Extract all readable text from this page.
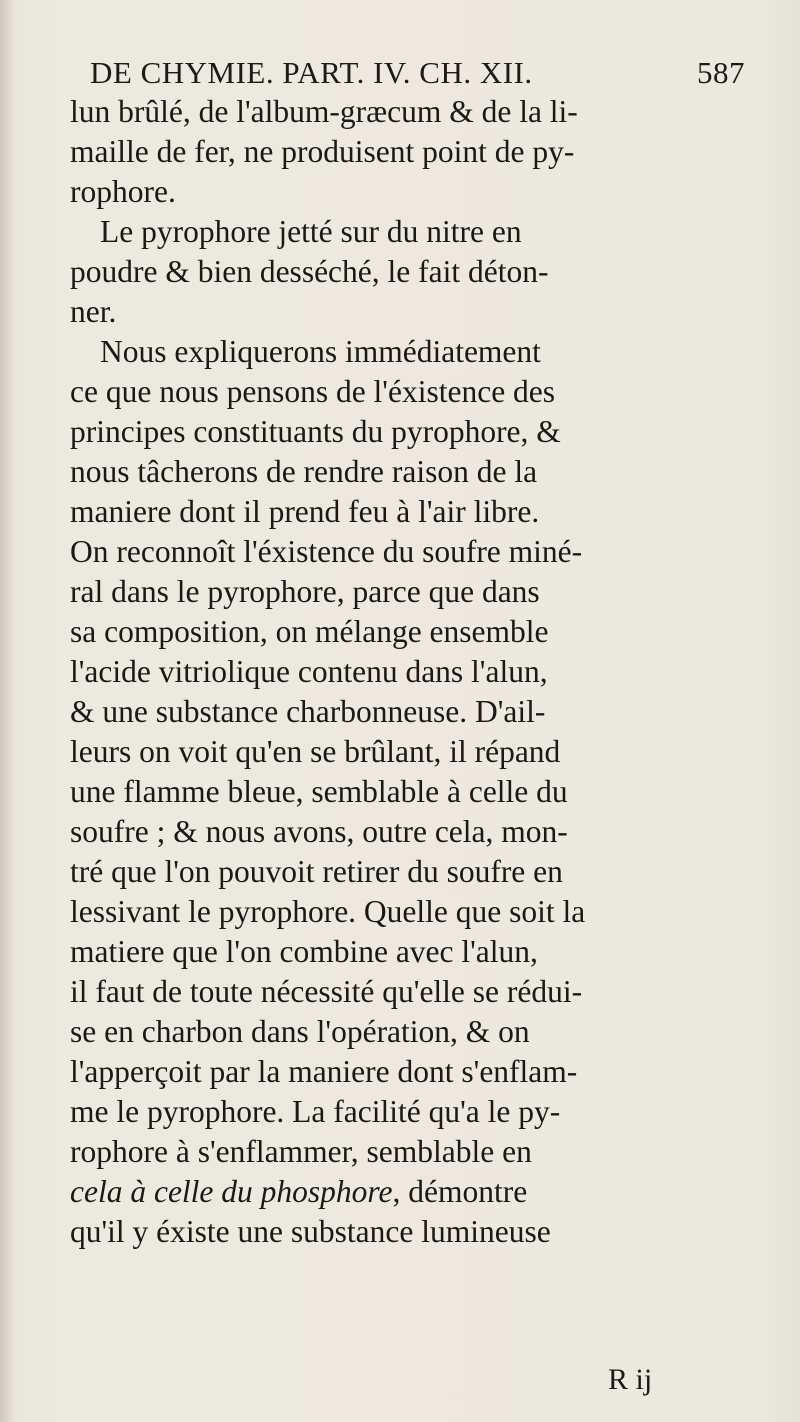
DE CHYMIE. PART. IV. CH. XII.	587
lun brûlé, de l'album-græcum & de la li-
maille de fer, ne produisent point de py-
rophore.
Le pyrophore jetté sur du nitre en
poudre & bien desséché, le fait déton-
ner.
Nous expliquerons immédiatement
ce que nous pensons de l'éxistence des
principes constituants du pyrophore, &
nous tâcherons de rendre raison de la
maniere dont il prend feu à l'air libre.
On reconnoît l'éxistence du soufre miné-
ral dans le pyrophore, parce que dans
sa composition, on mélange ensemble
l'acide vitriolique contenu dans l'alun,
& une substance charbonneuse. D'ail-
leurs on voit qu'en se brûlant, il répand
une flamme bleue, semblable à celle du
soufre ; & nous avons, outre cela, mon-
tré que l'on pouvoit retirer du soufre en
lessivant le pyrophore. Quelle que soit la
matiere que l'on combine avec l'alun,
il faut de toute nécessité qu'elle se rédui-
se en charbon dans l'opération, & on
l'apperçoit par la maniere dont s'enflam-
me le pyrophore. La facilité qu'a le py-
rophore à s'enflammer, semblable en
cela à celle du phosphore, démontre
qu'il y éxiste une substance lumineuse
R ij
